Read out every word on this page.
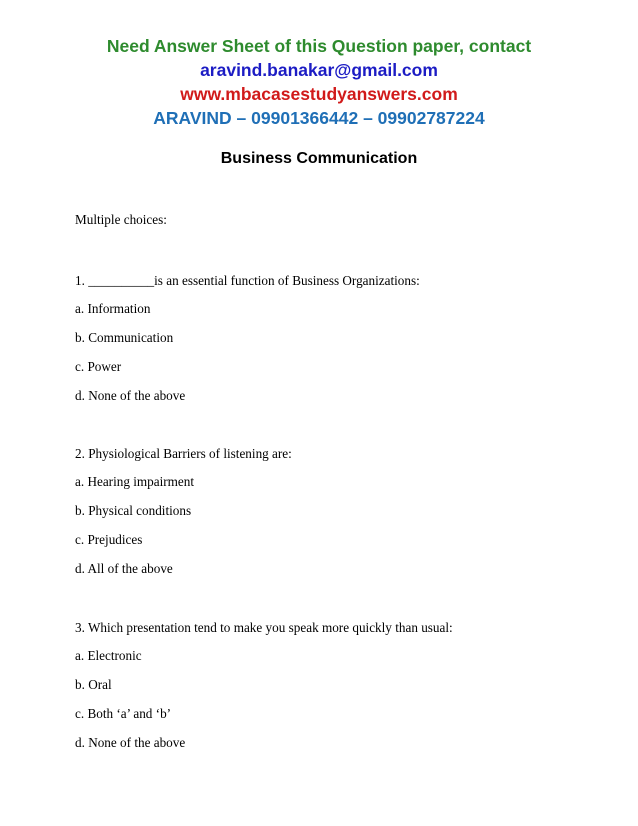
Need Answer Sheet of this Question paper, contact
aravind.banakar@gmail.com
www.mbacasestudyanswers.com
ARAVIND – 09901366442 – 09902787224
Business Communication
Multiple choices:
1. __________is an essential function of Business Organizations:
a. Information
b. Communication
c. Power
d. None of the above
2. Physiological Barriers of listening are:
a. Hearing impairment
b. Physical conditions
c. Prejudices
d. All of the above
3. Which presentation tend to make you speak more quickly than usual:
a. Electronic
b. Oral
c. Both ‘a’ and ‘b’
d. None of the above
